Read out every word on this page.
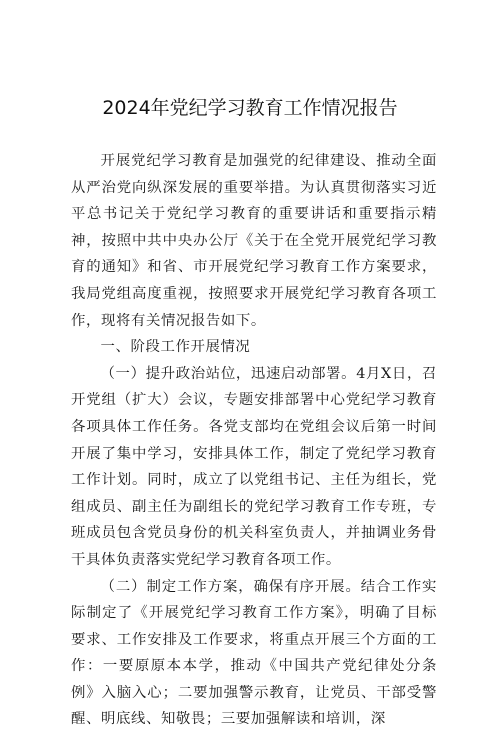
2024年党纪学习教育工作情况报告

开展党纪学习教育是加强党的纪律建设、推动全面从严治党向纵深发展的重要举措。为认真贯彻落实习近平总书记关于党纪学习教育的重要讲话和重要指示精神，按照中共中央办公厅《关于在全党开展党纪学习教育的通知》和省、市开展党纪学习教育工作方案要求，我局党组高度重视，按照要求开展党纪学习教育各项工作，现将有关情况报告如下。

一、阶段工作开展情况

（一）提升政治站位，迅速启动部署。4月X日，召开党组（扩大）会议，专题安排部署中心党纪学习教育各项具体工作任务。各党支部均在党组会议后第一时间开展了集中学习，安排具体工作，制定了党纪学习教育工作计划。同时，成立了以党组书记、主任为组长，党组成员、副主任为副组长的党纪学习教育工作专班，专班成员包含党员身份的机关科室负责人，并抽调业务骨干具体负责落实党纪学习教育各项工作。

（二）制定工作方案，确保有序开展。结合工作实际制定了《开展党纪学习教育工作方案》，明确了目标要求、工作安排及工作要求，将重点开展三个方面的工作：一要原原本本学，推动《中国共产党纪律处分条例》入脑入心；二要加强警示教育，让党员、干部受警醒、明底线、知敬畏；三要加强解读和培训，深
